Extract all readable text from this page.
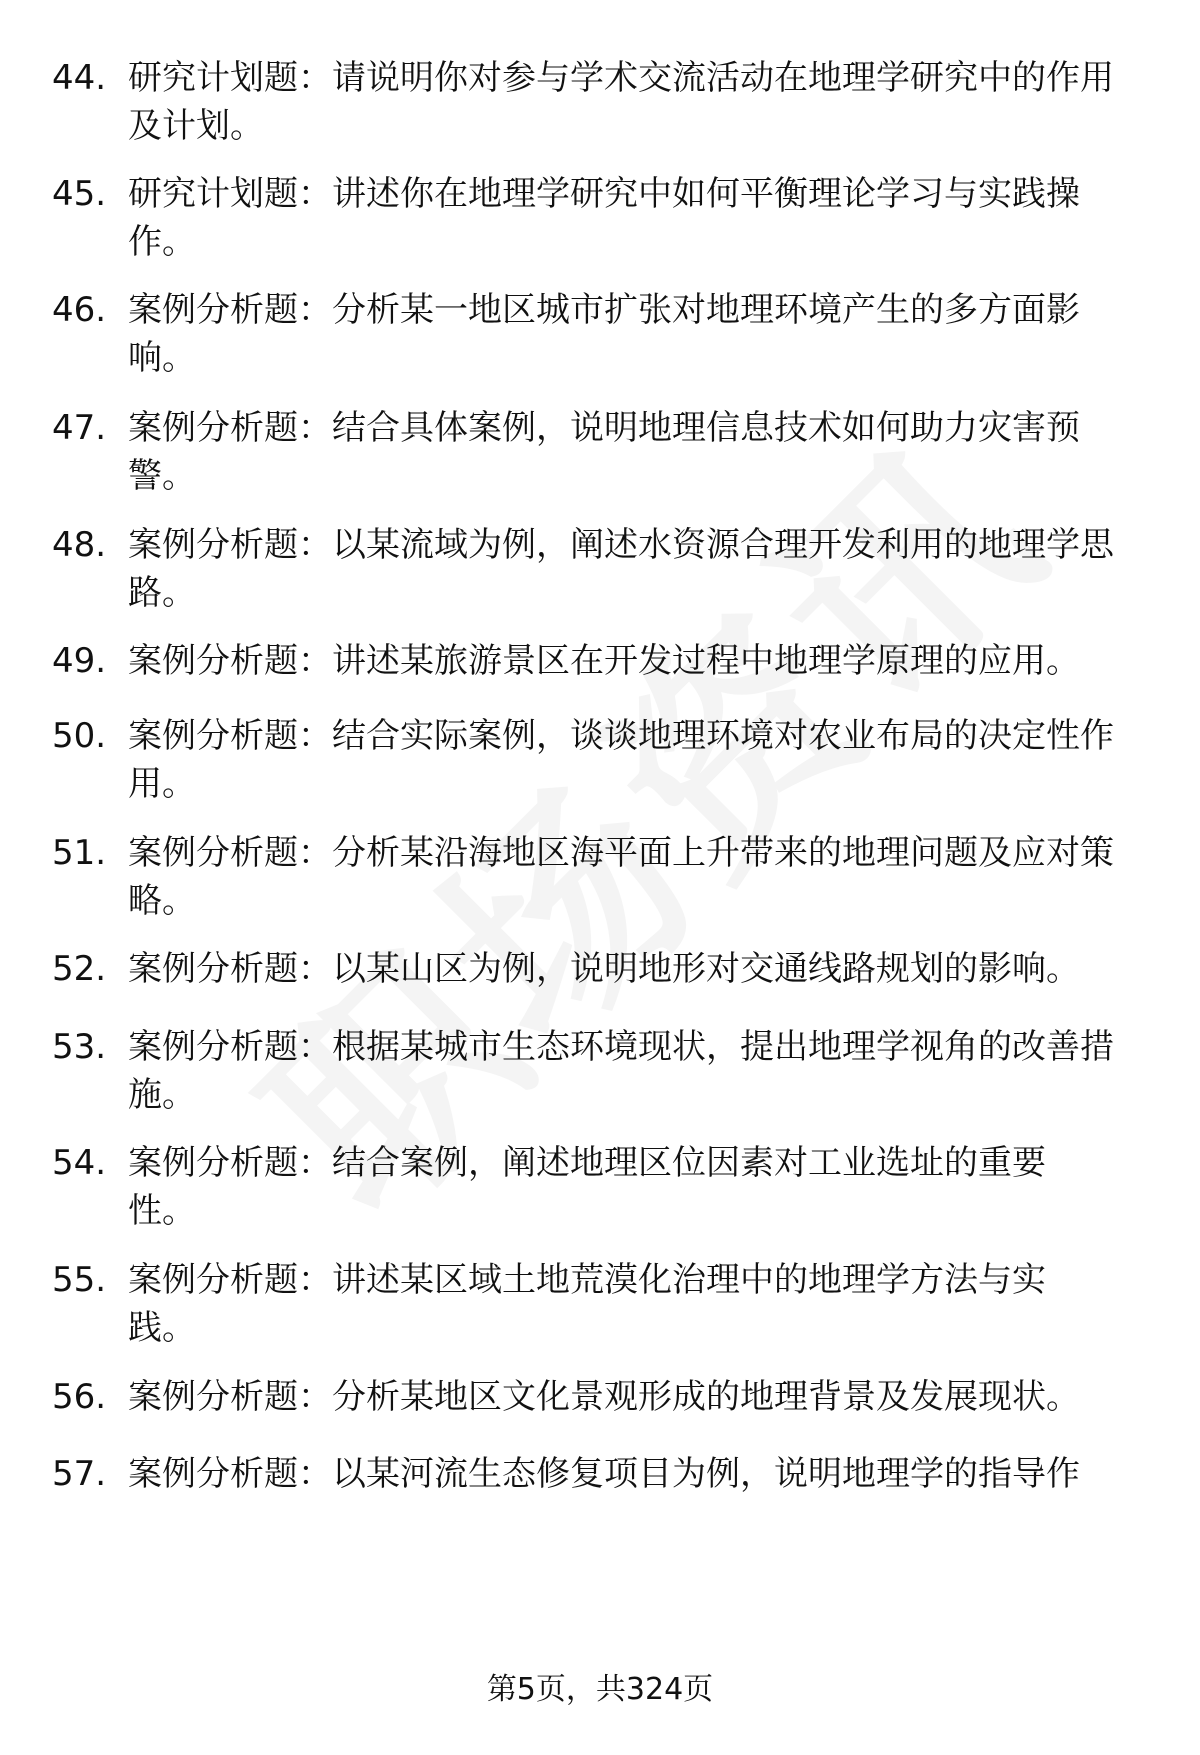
44. 研究计划题：请说明你对参与学术交流活动在地理学研究中的作用及计划。
45. 研究计划题：讲述你在地理学研究中如何平衡理论学习与实践操作。
46. 案例分析题：分析某一地区城市扩张对地理环境产生的多方面影响。
47. 案例分析题：结合具体案例，说明地理信息技术如何助力灾害预警。
48. 案例分析题：以某流域为例，阐述水资源合理开发利用的地理学思路。
49. 案例分析题：讲述某旅游景区在开发过程中地理学原理的应用。
50. 案例分析题：结合实际案例，谈谈地理环境对农业布局的决定性作用。
51. 案例分析题：分析某沿海地区海平面上升带来的地理问题及应对策略。
52. 案例分析题：以某山区为例，说明地形对交通线路规划的影响。
53. 案例分析题：根据某城市生态环境现状，提出地理学视角的改善措施。
54. 案例分析题：结合案例，阐述地理区位因素对工业选址的重要性。
55. 案例分析题：讲述某区域土地荒漠化治理中的地理学方法与实践。
56. 案例分析题：分析某地区文化景观形成的地理背景及发展现状。
57. 案例分析题：以某河流生态修复项目为例，说明地理学的指导作
第5页，共324页
